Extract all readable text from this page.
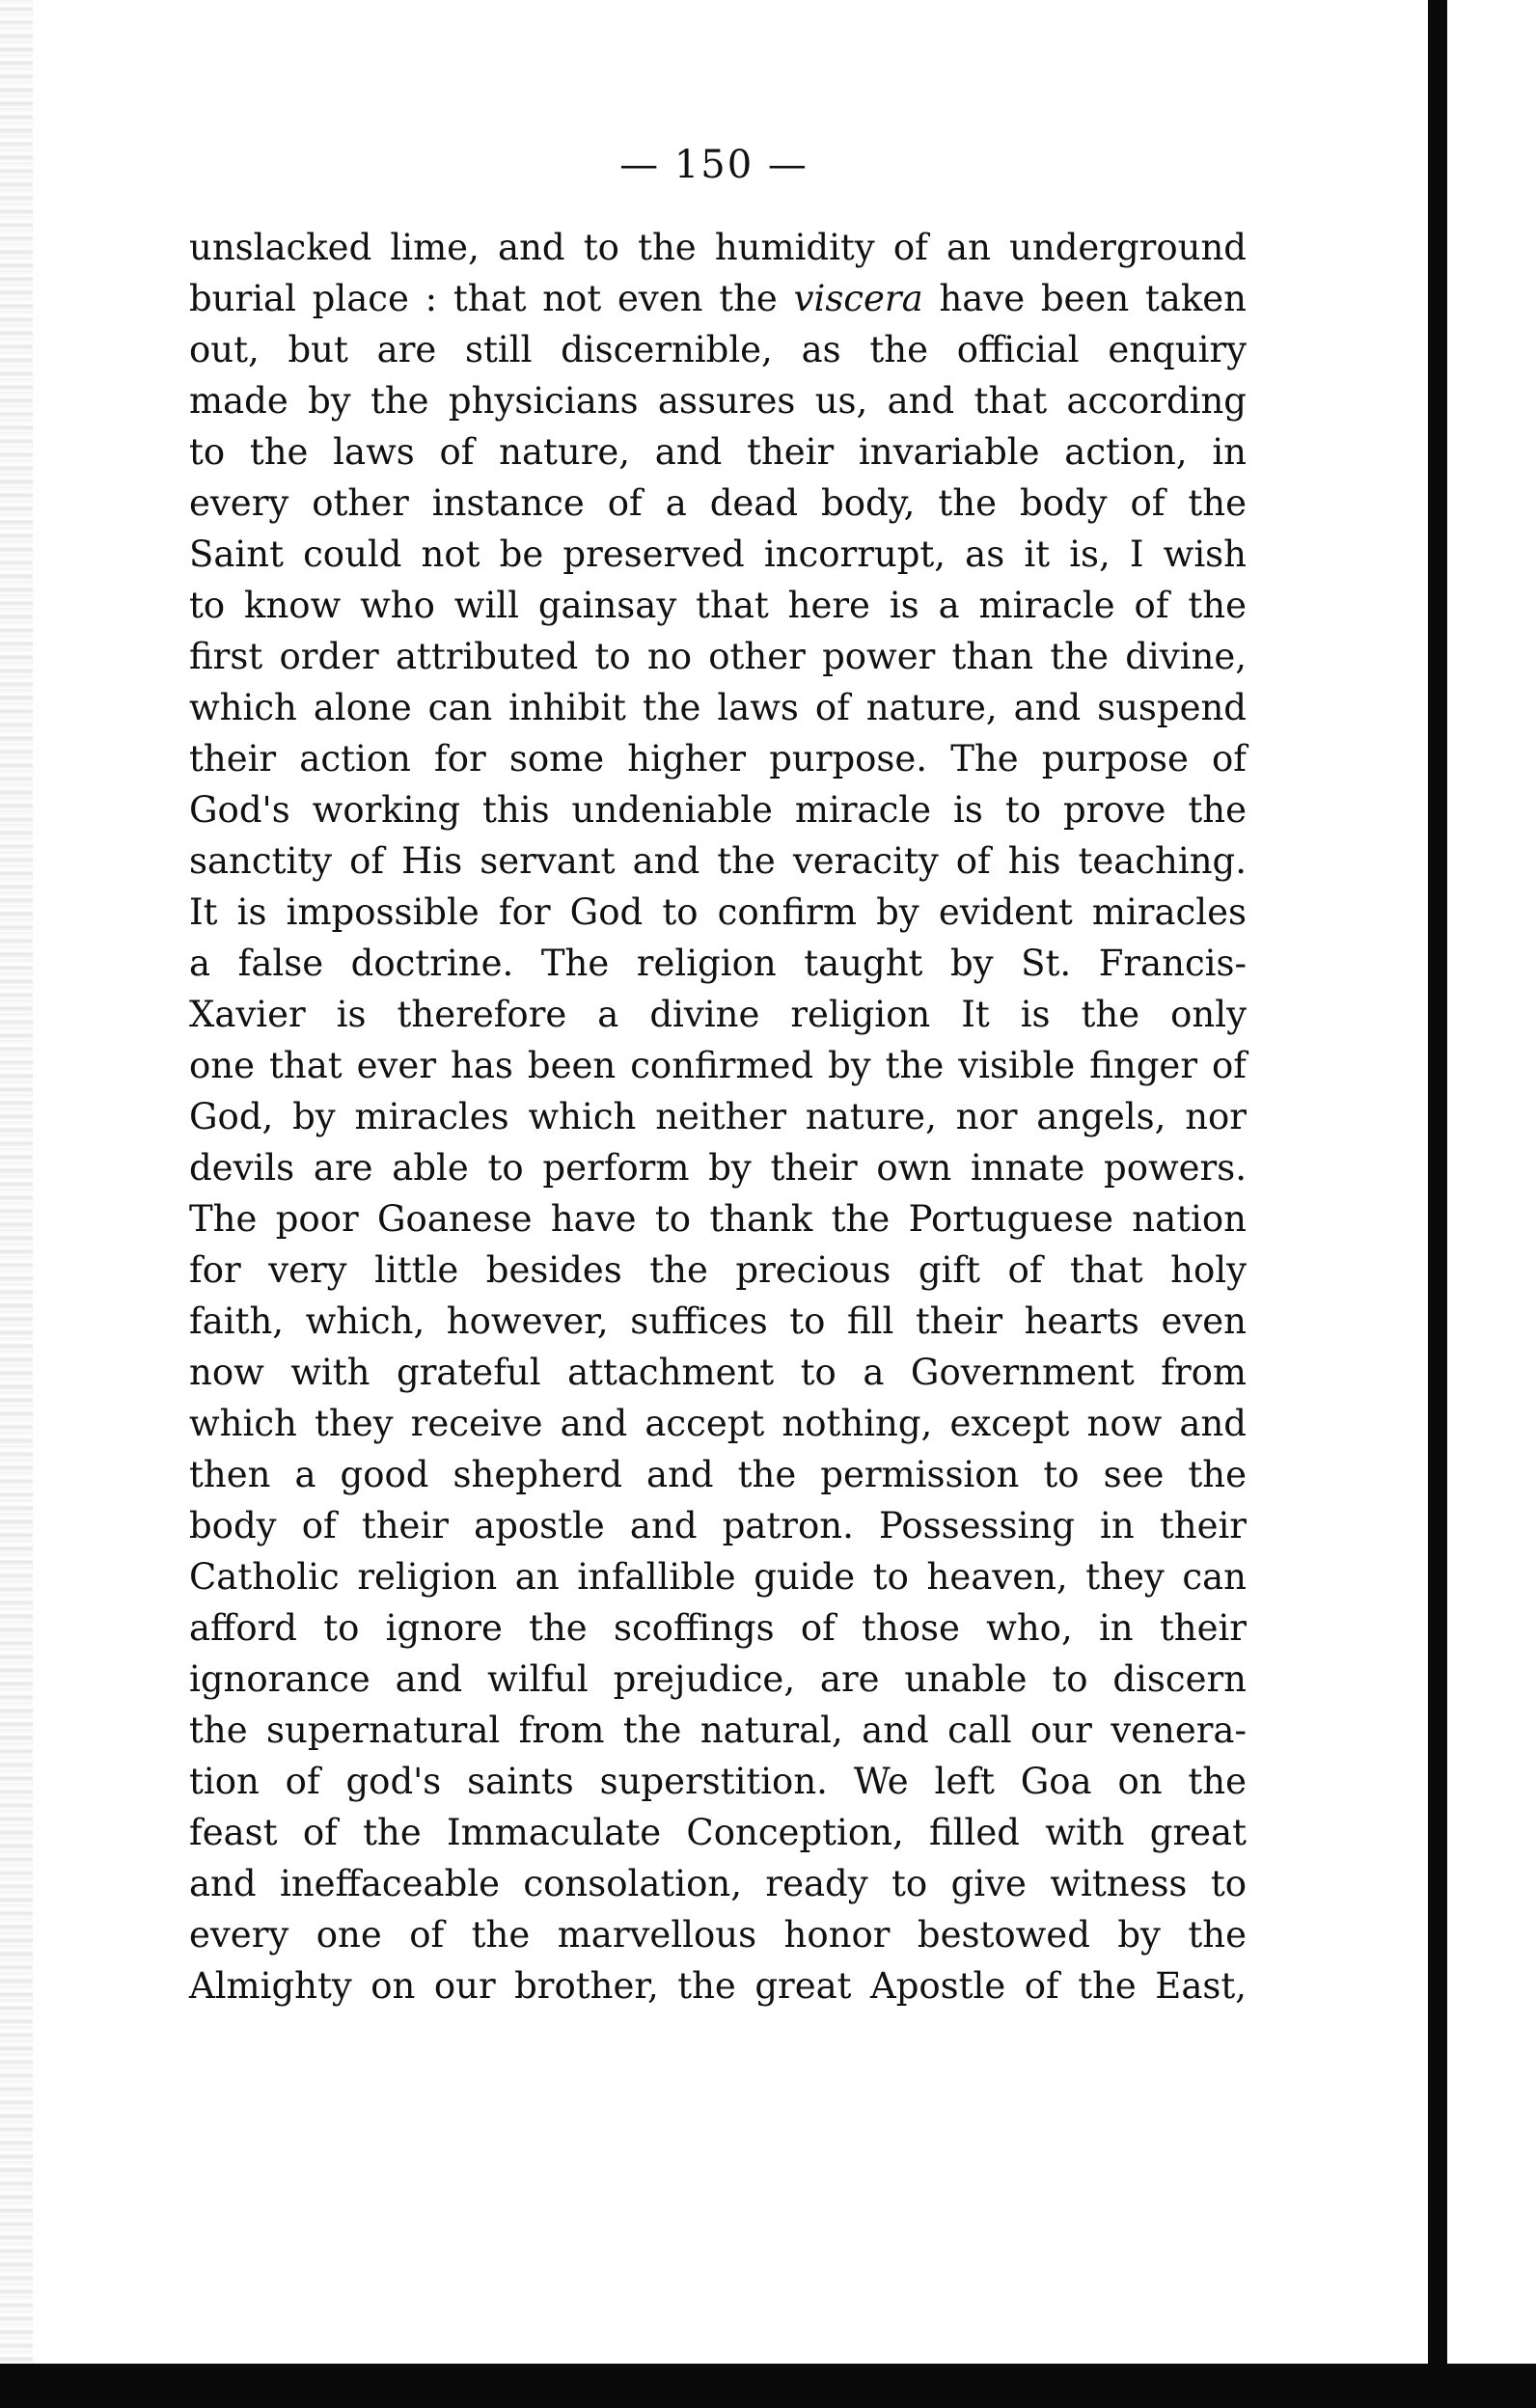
— 150 —
unslacked lime, and to the humidity of an underground
burial place : that not even the viscera have been taken
out, but are still discernible, as the official enquiry
made by the physicians assures us, and that according
to the laws of nature, and their invariable action, in
every other instance of a dead body, the body of the
Saint could not be preserved incorrupt, as it is, I wish
to know who will gainsay that here is a miracle of the
first order attributed to no other power than the divine,
which alone can inhibit the laws of nature, and suspend
their action for some higher purpose. The purpose of
God's working this undeniable miracle is to prove the
sanctity of His servant and the veracity of his teaching.
It is impossible for God to confirm by evident miracles
a false doctrine. The religion taught by St. Francis-
Xavier is therefore a divine religion It is the only
one that ever has been confirmed by the visible finger of
God, by miracles which neither nature, nor angels, nor
devils are able to perform by their own innate powers.
The poor Goanese have to thank the Portuguese nation
for very little besides the precious gift of that holy
faith, which, however, suffices to fill their hearts even
now with grateful attachment to a Government from
which they receive and accept nothing, except now and
then a good shepherd and the permission to see the
body of their apostle and patron. Possessing in their
Catholic religion an infallible guide to heaven, they can
afford to ignore the scoffings of those who, in their
ignorance and wilful prejudice, are unable to discern
the supernatural from the natural, and call our venera-
tion of god's saints superstition. We left Goa on the
feast of the Immaculate Conception, filled with great
and ineffaceable consolation, ready to give witness to
every one of the marvellous honor bestowed by the
Almighty on our brother, the great Apostle of the East,
